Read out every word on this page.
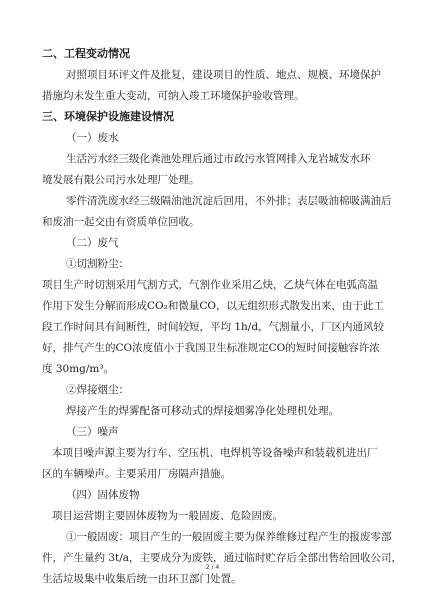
二、工程变动情况
对照项目环评文件及批复，建设项目的性质、地点、规模、环境保护
措施均未发生重大变动，可纳入竣工环境保护验收管理。
三、环境保护设施建设情况
（一）废水
生活污水经三级化粪池处理后通过市政污水管网排入龙岩城发水环
境发展有限公司污水处理厂处理。
零件清洗废水经三级隔油池沉淀后回用，不外排；表层吸油棉吸满油后
和废油一起交由有资质单位回收。
（二）废气
①切割粉尘：
项目生产时切割采用气割方式，气割作业采用乙炔，乙炔气体在电弧高温
作用下发生分解而形成CO₂和微量CO，以无组织形式散发出来，由于此工
段工作时间具有间断性，时间较短，平均 1h/d，气割量小，厂区内通风较
好，排气产生的CO浓度值小于我国卫生标准规定CO的短时间接触容许浓
度 30mg/m³。
②焊接烟尘：
焊接产生的焊雾配备可移动式的焊接烟雾净化处理机处理。
（三）噪声
本项目噪声源主要为行车、空压机、电焊机等设备噪声和装载机进出厂
区的车辆噪声。主要采用厂房隔声措施。
（四）固体废物
项目运营期主要固体废物为一般固废、危险固废。
①一般固废：项目产生的一般固废主要为保养维修过程产生的报废零部
件，产生量约 3t/a，主要成分为废铁，通过临时贮存后全部出售给回收公司，
生活垃圾集中收集后统一由环卫部门处置。
2 / 4
